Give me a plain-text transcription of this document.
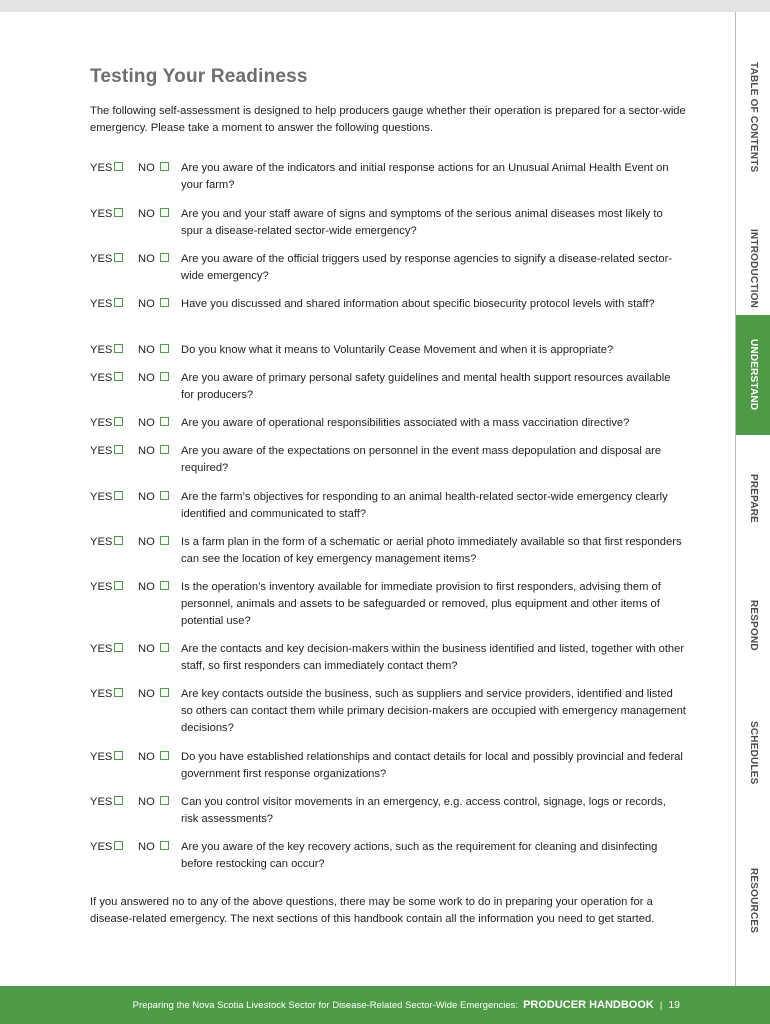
TABLE OF CONTENTS
INTRODUCTION
UNDERSTAND
PREPARE
RESPOND
SCHEDULES
RESOURCES
Testing Your Readiness

The following self-assessment is designed to help producers gauge whether their operation is prepared for a sector-wide emergency. Please take a moment to answer the following questions.

YES NO Are you aware of the indicators and initial response actions for an Unusual Animal Health Event on your farm?
YES NO Are you and your staff aware of signs and symptoms of the serious animal diseases most likely to spur a disease-related sector-wide emergency?
YES NO Are you aware of the official triggers used by response agencies to signify a disease-related sector-wide emergency?
YES NO Have you discussed and shared information about specific biosecurity protocol levels with staff?
YES NO Do you know what it means to Voluntarily Cease Movement and when it is appropriate?
YES NO Are you aware of primary personal safety guidelines and mental health support resources available for producers?
YES NO Are you aware of operational responsibilities associated with a mass vaccination directive?
YES NO Are you aware of the expectations on personnel in the event mass depopulation and disposal are required?
YES NO Are the farm’s objectives for responding to an animal health-related sector-wide emergency clearly identified and communicated to staff?
YES NO Is a farm plan in the form of a schematic or aerial photo immediately available so that first responders can see the location of key emergency management items?
YES NO Is the operation’s inventory available for immediate provision to first responders, advising them of personnel, animals and assets to be safeguarded or removed, plus equipment and other items of potential use?
YES NO Are the contacts and key decision-makers within the business identified and listed, together with other staff, so first responders can immediately contact them?
YES NO Are key contacts outside the business, such as suppliers and service providers, identified and listed so others can contact them while primary decision-makers are occupied with emergency management decisions?
YES NO Do you have established relationships and contact details for local and possibly provincial and federal government first response organizations?
YES NO Can you control visitor movements in an emergency, e.g. access control, signage, logs or records, risk assessments?
YES NO Are you aware of the key recovery actions, such as the requirement for cleaning and disinfecting before restocking can occur?

If you answered no to any of the above questions, there may be some work to do in preparing your operation for a disease-related emergency. The next sections of this handbook contain all the information you need to get started.

Preparing the Nova Scotia Livestock Sector for Disease-Related Sector-Wide Emergencies: PRODUCER HANDBOOK | 19
